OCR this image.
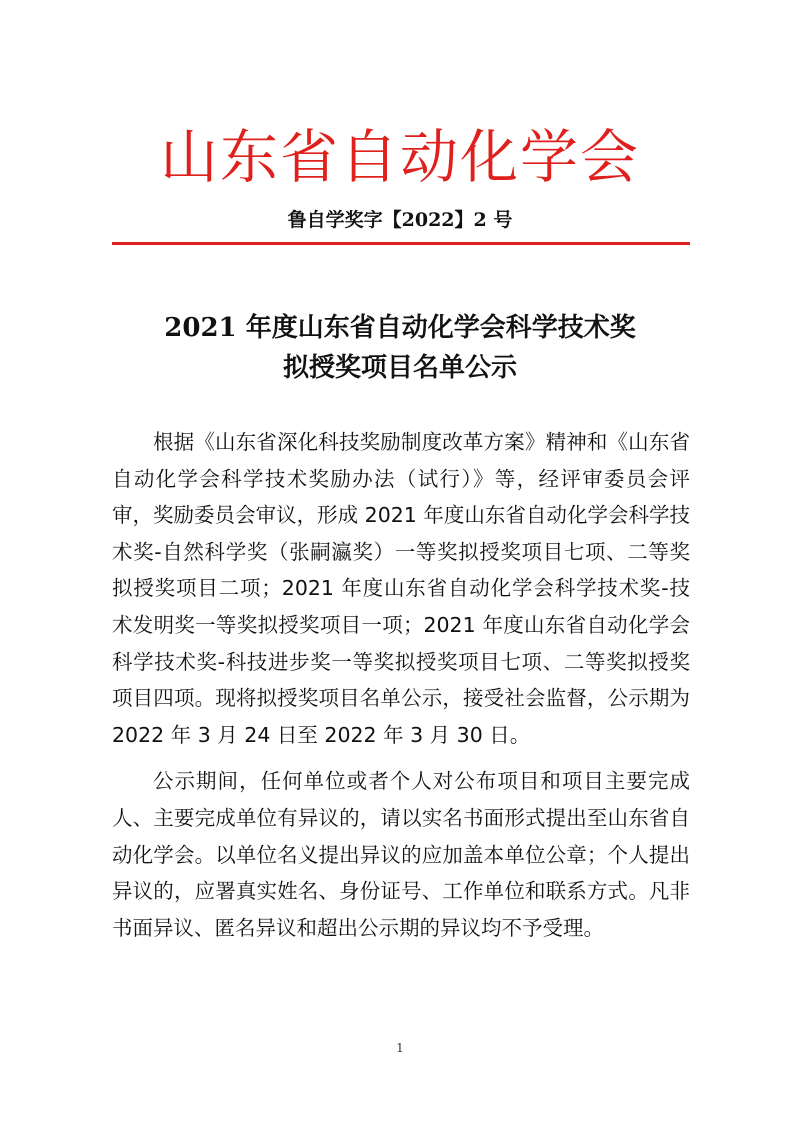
山东省自动化学会
鲁自学奖字【2022】2 号
2021 年度山东省自动化学会科学技术奖
拟授奖项目名单公示

根据《山东省深化科技奖励制度改革方案》精神和《山东省自动化学会科学技术奖励办法（试行）》等，经评审委员会评审，奖励委员会审议，形成 2021 年度山东省自动化学会科学技术奖-自然科学奖（张嗣瀛奖）一等奖拟授奖项目七项、二等奖拟授奖项目二项；2021 年度山东省自动化学会科学技术奖-技术发明奖一等奖拟授奖项目一项；2021 年度山东省自动化学会科学技术奖-科技进步奖一等奖拟授奖项目七项、二等奖拟授奖项目四项。现将拟授奖项目名单公示，接受社会监督，公示期为 2022 年 3 月 24 日至 2022 年 3 月 30 日。

公示期间，任何单位或者个人对公布项目和项目主要完成人、主要完成单位有异议的，请以实名书面形式提出至山东省自动化学会。以单位名义提出异议的应加盖本单位公章；个人提出异议的，应署真实姓名、身份证号、工作单位和联系方式。凡非书面异议、匿名异议和超出公示期的异议均不予受理。

1
